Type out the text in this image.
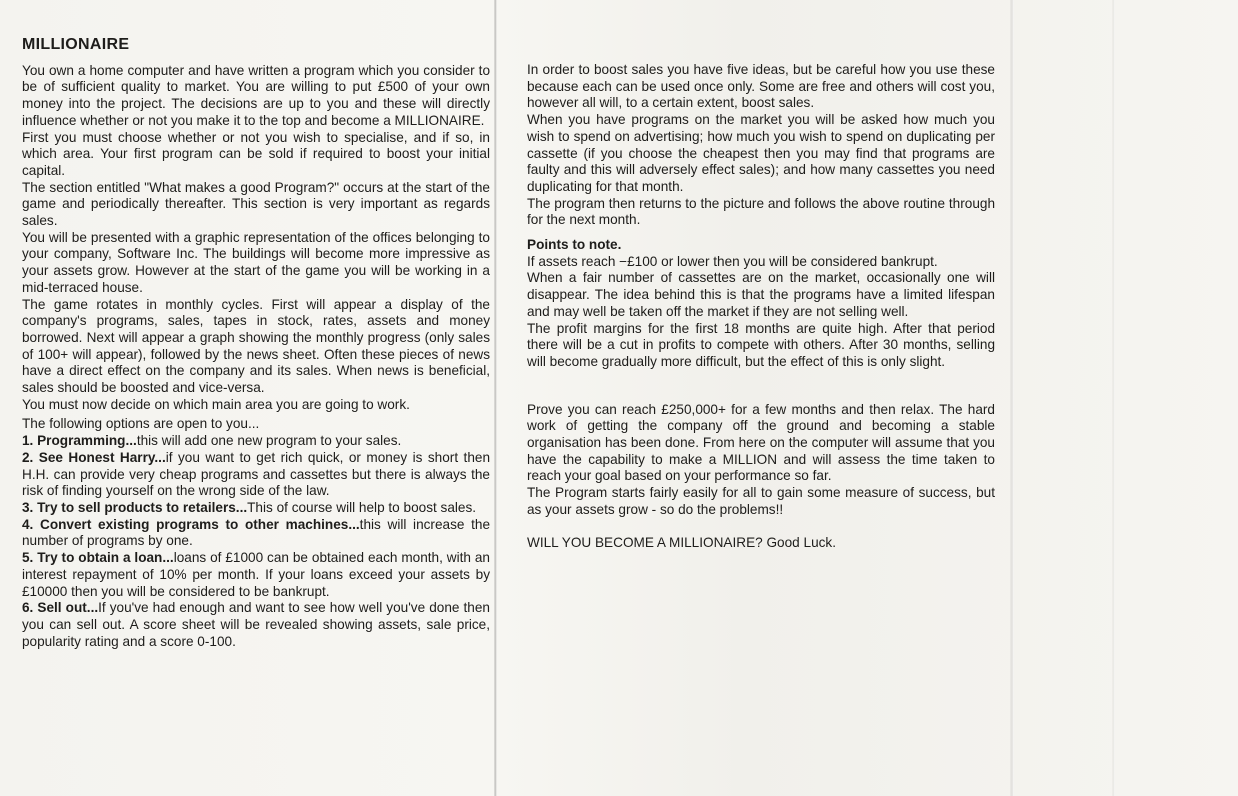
MILLIONAIRE

You own a home computer and have written a program which you consider to be of sufficient quality to market. You are willing to put £500 of your own money into the project. The decisions are up to you and these will directly influence whether or not you make it to the top and become a MILLIONAIRE.

First you must choose whether or not you wish to specialise, and if so, in which area. Your first program can be sold if required to boost your initial capital.

The section entitled "What makes a good Program?" occurs at the start of the game and periodically thereafter. This section is very important as regards sales.

You will be presented with a graphic representation of the offices belonging to your company, Software Inc. The buildings will become more impressive as your assets grow. However at the start of the game you will be working in a mid-terraced house.

The game rotates in monthly cycles. First will appear a display of the company's programs, sales, tapes in stock, rates, assets and money borrowed. Next will appear a graph showing the monthly progress (only sales of 100+ will appear), followed by the news sheet. Often these pieces of news have a direct effect on the company and its sales. When news is beneficial, sales should be boosted and vice-versa.

You must now decide on which main area you are going to work.

The following options are open to you...

1. Programming...this will add one new program to your sales.

2. See Honest Harry...if you want to get rich quick, or money is short then H.H. can provide very cheap programs and cassettes but there is always the risk of finding yourself on the wrong side of the law.

3. Try to sell products to retailers...This of course will help to boost sales.

4. Convert existing programs to other machines...this will increase the number of programs by one.

5. Try to obtain a loan...loans of £1000 can be obtained each month, with an interest repayment of 10% per month. If your loans exceed your assets by £10000 then you will be considered to be bankrupt.

6. Sell out...If you've had enough and want to see how well you've done then you can sell out. A score sheet will be revealed showing assets, sale price, popularity rating and a score 0-100.

In order to boost sales you have five ideas, but be careful how you use these because each can be used once only. Some are free and others will cost you, however all will, to a certain extent, boost sales.

When you have programs on the market you will be asked how much you wish to spend on advertising; how much you wish to spend on duplicating per cassette (if you choose the cheapest then you may find that programs are faulty and this will adversely effect sales); and how many cassettes you need duplicating for that month.

The program then returns to the picture and follows the above routine through for the next month.

Points to note.

If assets reach −£100 or lower then you will be considered bankrupt.

When a fair number of cassettes are on the market, occasionally one will disappear. The idea behind this is that the programs have a limited lifespan and may well be taken off the market if they are not selling well.

The profit margins for the first 18 months are quite high. After that period there will be a cut in profits to compete with others. After 30 months, selling will become gradually more difficult, but the effect of this is only slight.

Prove you can reach £250,000+ for a few months and then relax. The hard work of getting the company off the ground and becoming a stable organisation has been done. From here on the computer will assume that you have the capability to make a MILLION and will assess the time taken to reach your goal based on your performance so far.

The Program starts fairly easily for all to gain some measure of success, but as your assets grow - so do the problems!!

WILL YOU BECOME A MILLIONAIRE? Good Luck.
